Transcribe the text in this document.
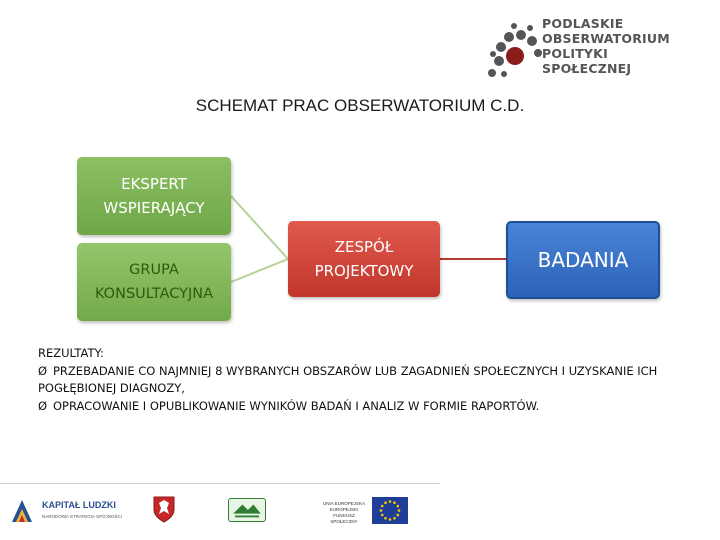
PODLASKIE
OBSERWATORIUM
POLITYKI
SPOŁECZNEJ
SCHEMAT PRAC OBSERWATORIUM C.D.
EKSPERT
WSPIERAJĄCY
GRUPA
KONSULTACYJNA
ZESPÓŁ
PROJEKTOWY	BADANIA

REZULTATY:

Ø PRZEBADANIE CO NAJMNIEJ 8 WYBRANYCH OBSZARÓW LUB ZAGADNIEŃ SPOŁECZNYCH I UZYSKANIE ICH POGŁĘBIONEJ DIAGNOZY,

Ø OPRACOWANIE I OPUBLIKOWANIE WYNIKÓW BADAŃ I ANALIZ W FORMIE RAPORTÓW.

KAPITAŁ LUDZKI

NARODOWA STRATEGIA SPÓJNOŚCI

UNIA EUROPEJSKA
EUROPEJSKI
FUNDUSZ SPOŁECZNY
